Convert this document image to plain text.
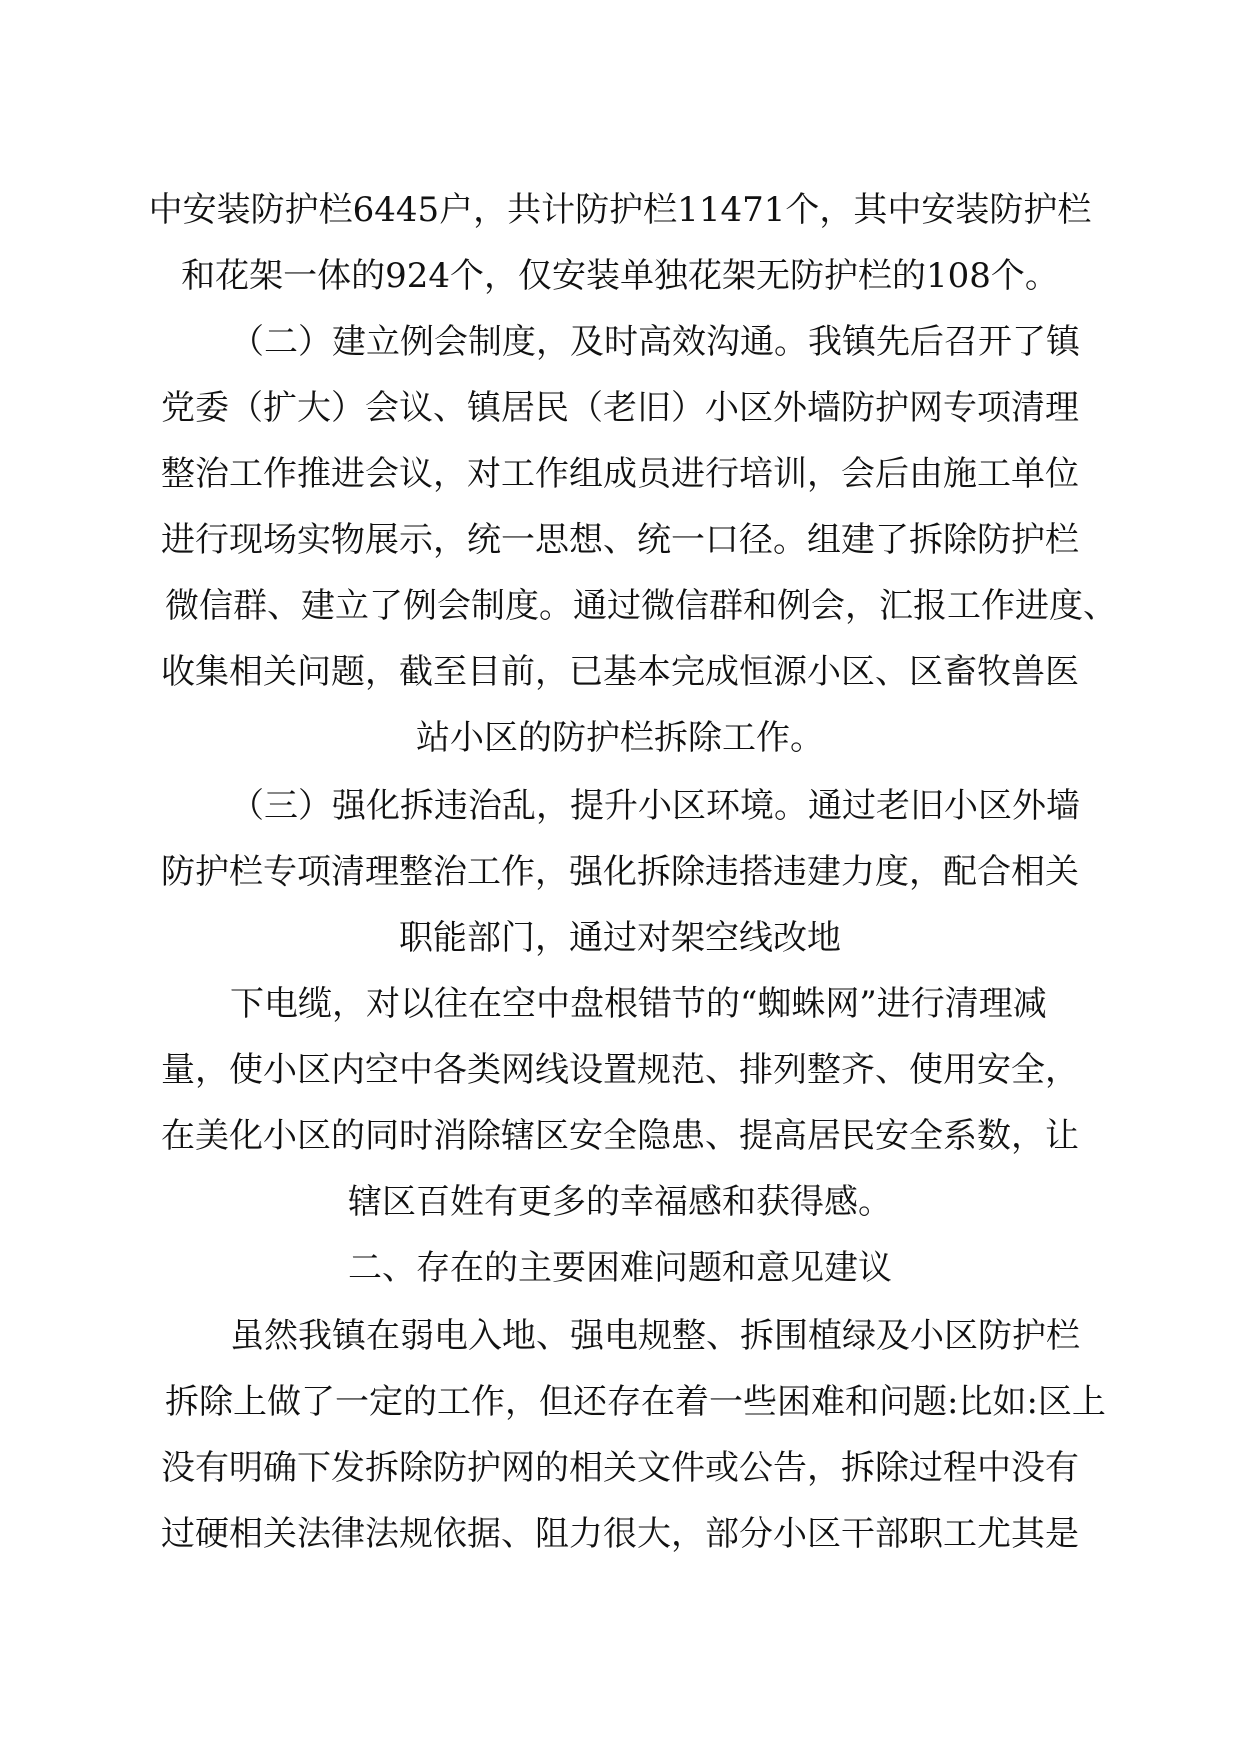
中安装防护栏6445户，共计防护栏11471个，其中安装防护栏
和花架一体的924个，仅安装单独花架无防护栏的108个。
（二）建立例会制度，及时高效沟通。我镇先后召开了镇
党委（扩大）会议、镇居民（老旧）小区外墙防护网专项清理
整治工作推进会议，对工作组成员进行培训，会后由施工单位
进行现场实物展示，统一思想、统一口径。组建了拆除防护栏
微信群、建立了例会制度。通过微信群和例会，汇报工作进度、
收集相关问题，截至目前，已基本完成恒源小区、区畜牧兽医
站小区的防护栏拆除工作。
（三）强化拆违治乱，提升小区环境。通过老旧小区外墙
防护栏专项清理整治工作，强化拆除违搭违建力度，配合相关
职能部门，通过对架空线改地
下电缆，对以往在空中盘根错节的“蜘蛛网”进行清理减
量，使小区内空中各类网线设置规范、排列整齐、使用安全，
在美化小区的同时消除辖区安全隐患、提高居民安全系数，让
辖区百姓有更多的幸福感和获得感。
二、存在的主要困难问题和意见建议
虽然我镇在弱电入地、强电规整、拆围植绿及小区防护栏
拆除上做了一定的工作，但还存在着一些困难和问题:比如:区上
没有明确下发拆除防护网的相关文件或公告，拆除过程中没有
过硬相关法律法规依据、阻力很大，部分小区干部职工尤其是
